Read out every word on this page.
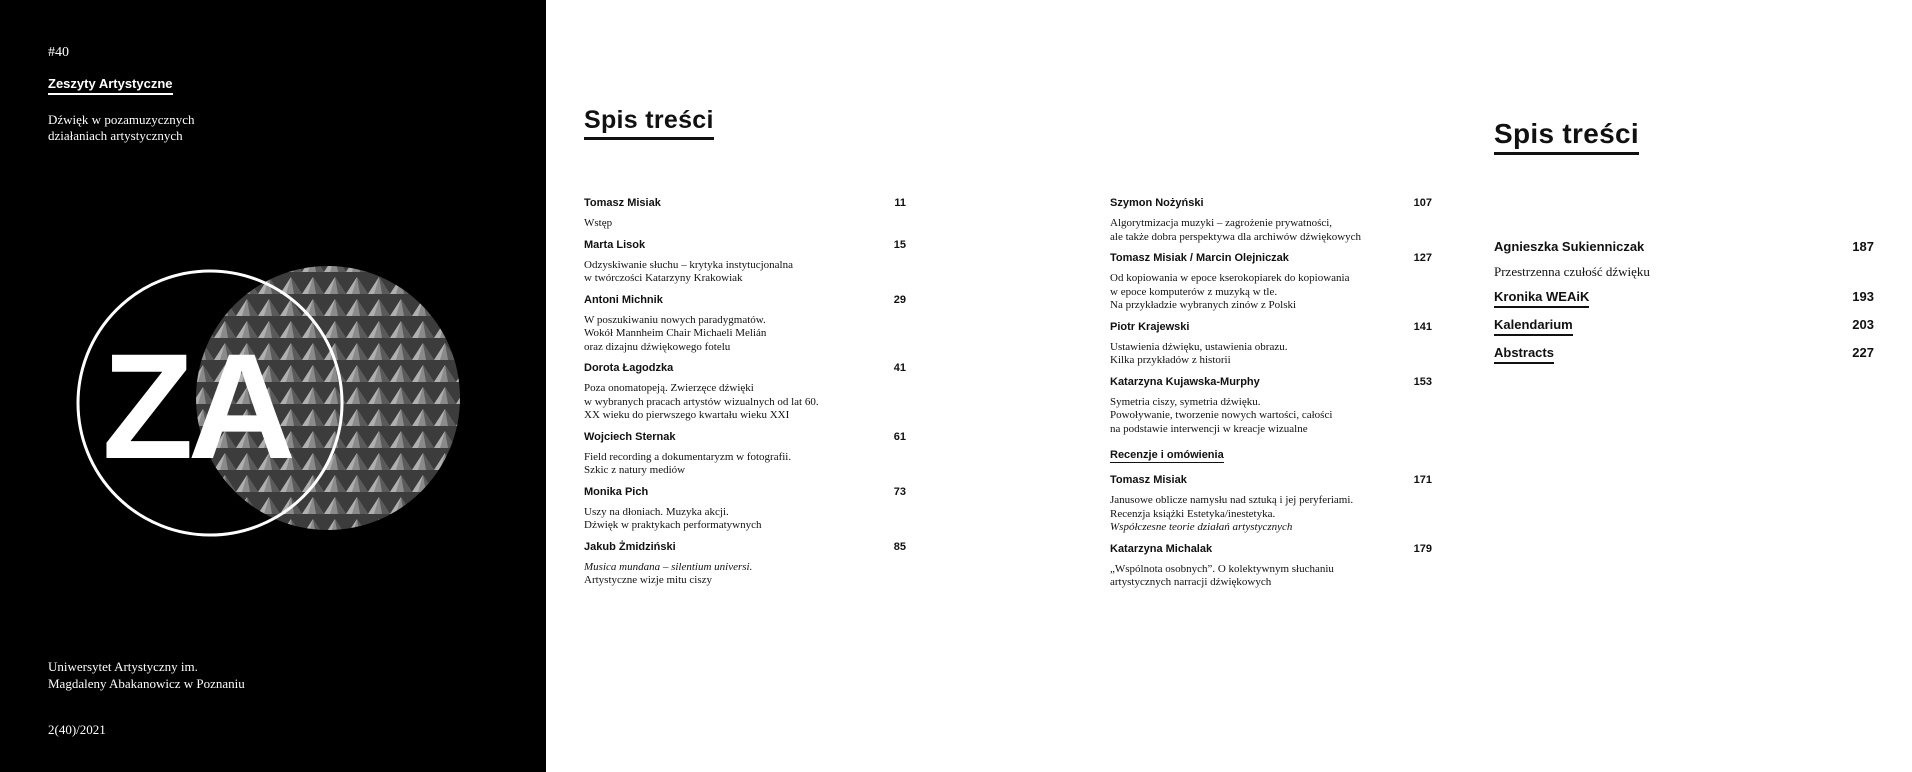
#40
Zeszyty Artystyczne
Dźwięk w pozamuzycznych działaniach artystycznych
ZA
Uniwersytet Artystyczny im. Magdaleny Abakanowicz w Poznaniu
2(40)/2021
Spis treści	Spis treści
Tomasz Misiak	11
Wstęp
Marta Lisok	15
Odzyskiwanie słuchu – krytyka instytucjonalna
w twórczości Katarzyny Krakowiak
Antoni Michnik	29
W poszukiwaniu nowych paradygmatów.
Wokół Mannheim Chair Michaeli Melián
oraz dizajnu dźwiękowego fotelu
Dorota Łagodzka	41
Poza onomatopeją. Zwierzęce dźwięki
w wybranych pracach artystów wizualnych od lat 60.
XX wieku do pierwszego kwartału wieku XXI
Wojciech Sternak	61
Field recording a dokumentaryzm w fotografii.
Szkic z natury mediów
Monika Pich	73
Uszy na dłoniach. Muzyka akcji.
Dźwięk w praktykach performatywnych
Jakub Żmidziński	85
Musica mundana – silentium universi.
Artystyczne wizje mitu ciszy
Szymon Nożyński	107
Algorytmizacja muzyki – zagrożenie prywatności,
ale także dobra perspektywa dla archiwów dźwiękowych
Tomasz Misiak / Marcin Olejniczak	127
Od kopiowania w epoce kserokopiarek do kopiowania
w epoce komputerów z muzyką w tle.
Na przykładzie wybranych zinów z Polski
Piotr Krajewski	141
Ustawienia dźwięku, ustawienia obrazu.
Kilka przykładów z historii
Katarzyna Kujawska-Murphy	153
Symetria ciszy, symetria dźwięku.
Powoływanie, tworzenie nowych wartości, całości
na podstawie interwencji w kreacje wizualne
Recenzje i omówienia
Tomasz Misiak	171
Janusowe oblicze namysłu nad sztuką i jej peryferiami.
Recenzja książki Estetyka/inestetyka.
Współczesne teorie działań artystycznych
Katarzyna Michalak	179
„Wspólnota osobnych”. O kolektywnym słuchaniu
artystycznych narracji dźwiękowych
Agnieszka Sukienniczak	187
Przestrzenna czułość dźwięku
Kronika WEAiK	193
Kalendarium	203
Abstracts	227
